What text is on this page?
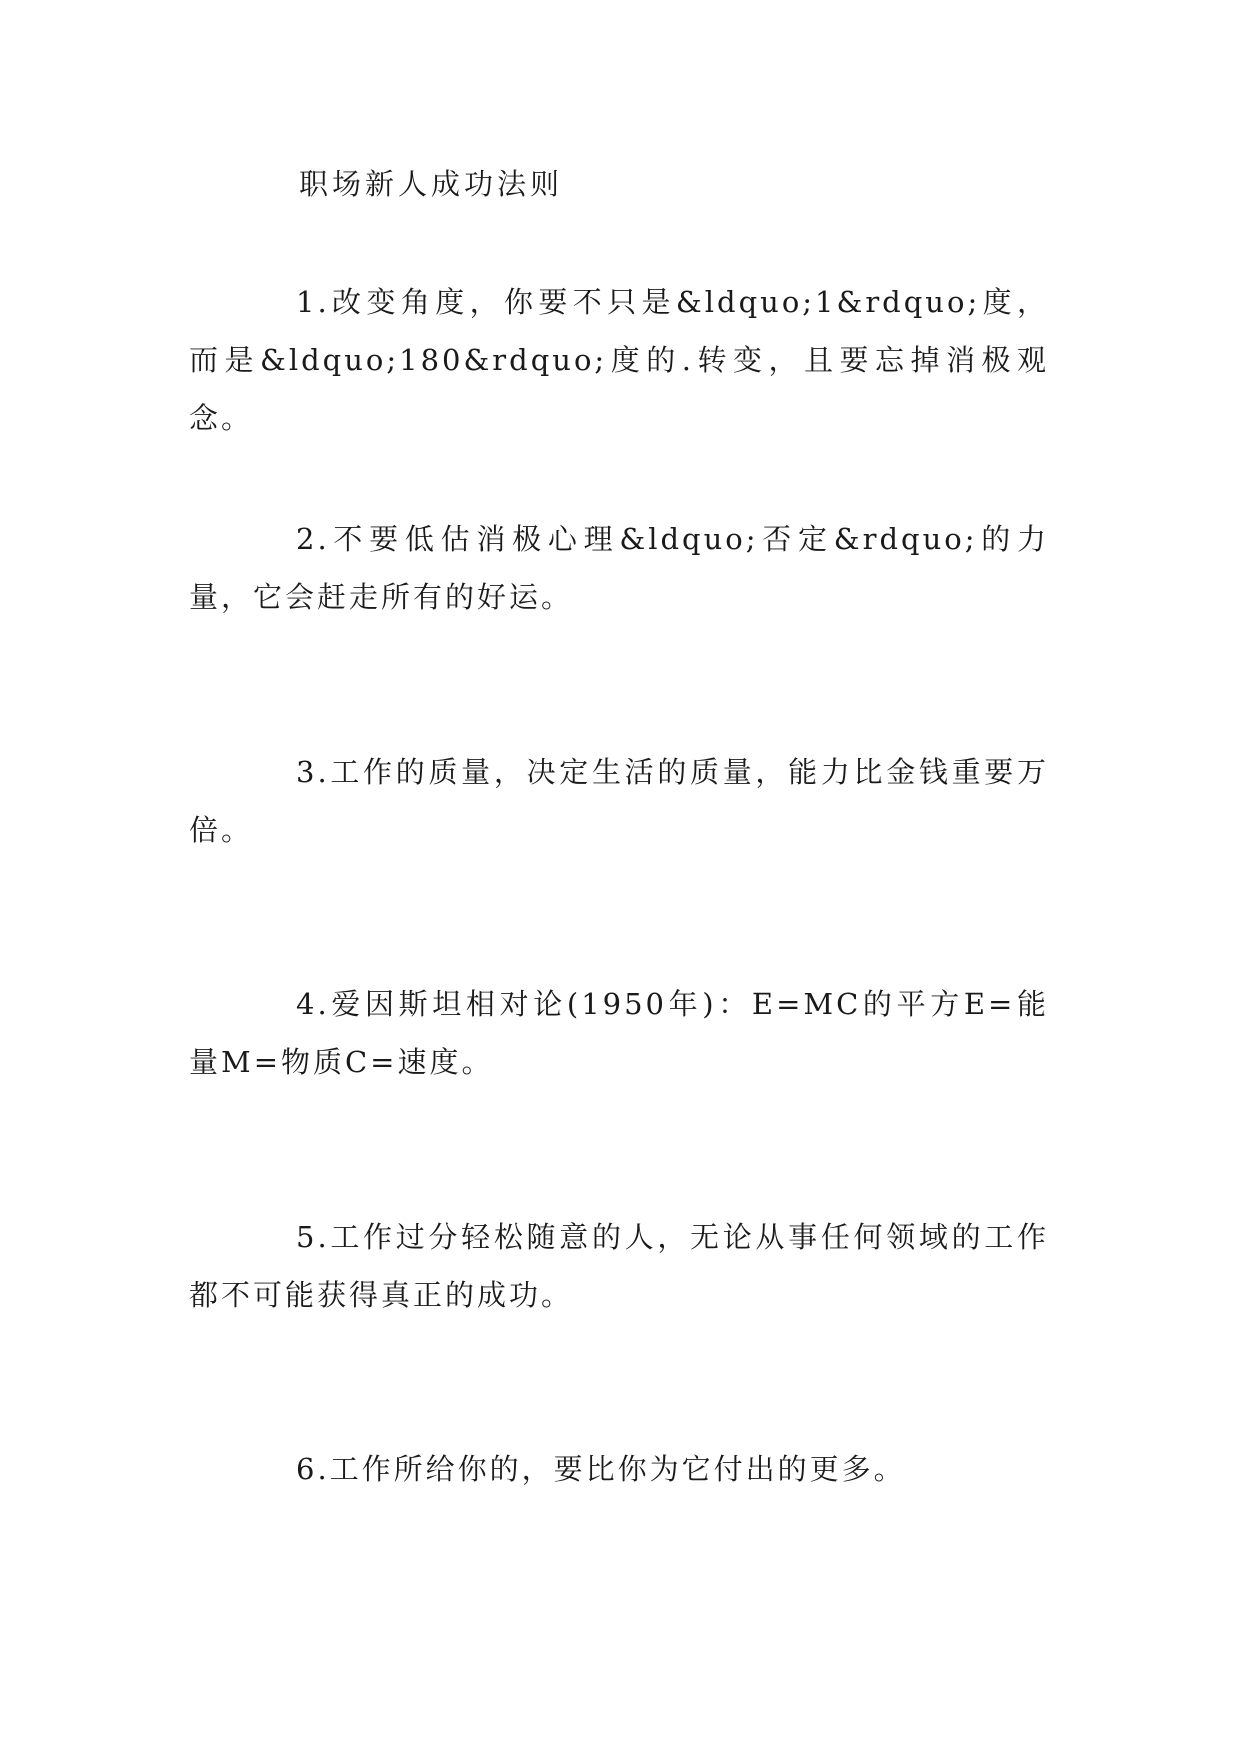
职场新人成功法则

1.改变角度，你要不只是&ldquo;1&rdquo;度，而是&ldquo;180&rdquo;度的.转变，且要忘掉消极观念。

2.不要低估消极心理&ldquo;否定&rdquo;的力量，它会赶走所有的好运。

3.工作的质量，决定生活的质量，能力比金钱重要万倍。

4.爱因斯坦相对论(1950年)：E=MC的平方E=能量M=物质C=速度。

5.工作过分轻松随意的人，无论从事任何领域的工作都不可能获得真正的成功。

6.工作所给你的，要比你为它付出的更多。
